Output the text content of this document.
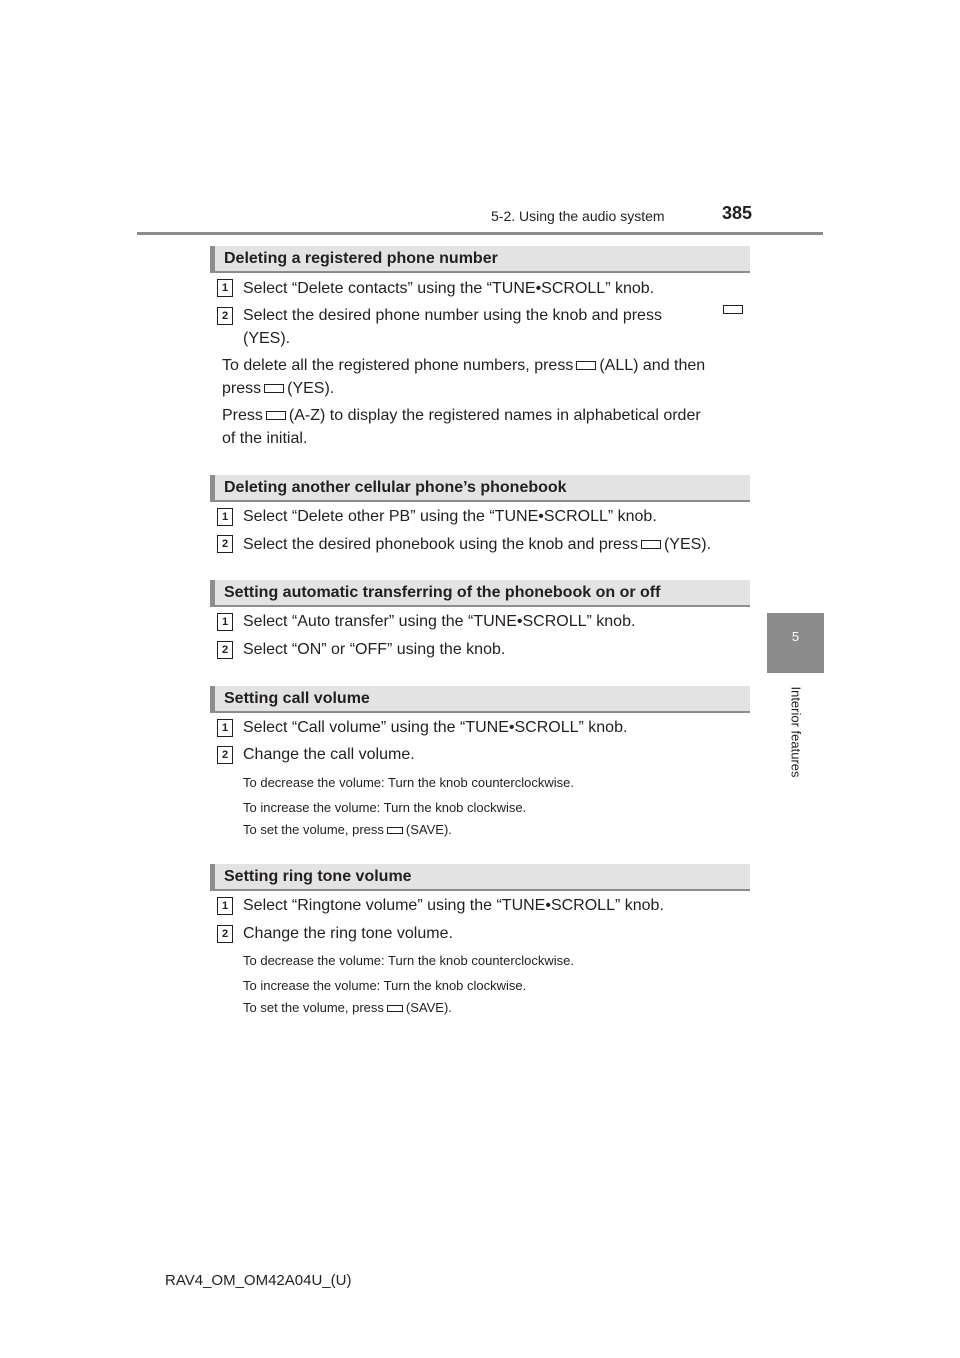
5-2. Using the audio system	385
5
Interior features
Deleting a registered phone number
1 Select “Delete contacts” using the “TUNE•SCROLL” knob.
2 Select the desired phone number using the knob and press
(YES).
To delete all the registered phone numbers, press (ALL) and then
press (YES).
Press (A-Z) to display the registered names in alphabetical order
of the initial.
Deleting another cellular phone’s phonebook
1 Select “Delete other PB” using the “TUNE•SCROLL” knob.
2 Select the desired phonebook using the knob and press (YES).
Setting automatic transferring of the phonebook on or off
1 Select “Auto transfer” using the “TUNE•SCROLL” knob.
2 Select “ON” or “OFF” using the knob.
Setting call volume
1 Select “Call volume” using the “TUNE•SCROLL” knob.
2 Change the call volume.
To decrease the volume: Turn the knob counterclockwise.
To increase the volume: Turn the knob clockwise.
To set the volume, press (SAVE).
Setting ring tone volume
1 Select “Ringtone volume” using the “TUNE•SCROLL” knob.
2 Change the ring tone volume.
To decrease the volume: Turn the knob counterclockwise.
To increase the volume: Turn the knob clockwise.
To set the volume, press (SAVE).
RAV4_OM_OM42A04U_(U)
